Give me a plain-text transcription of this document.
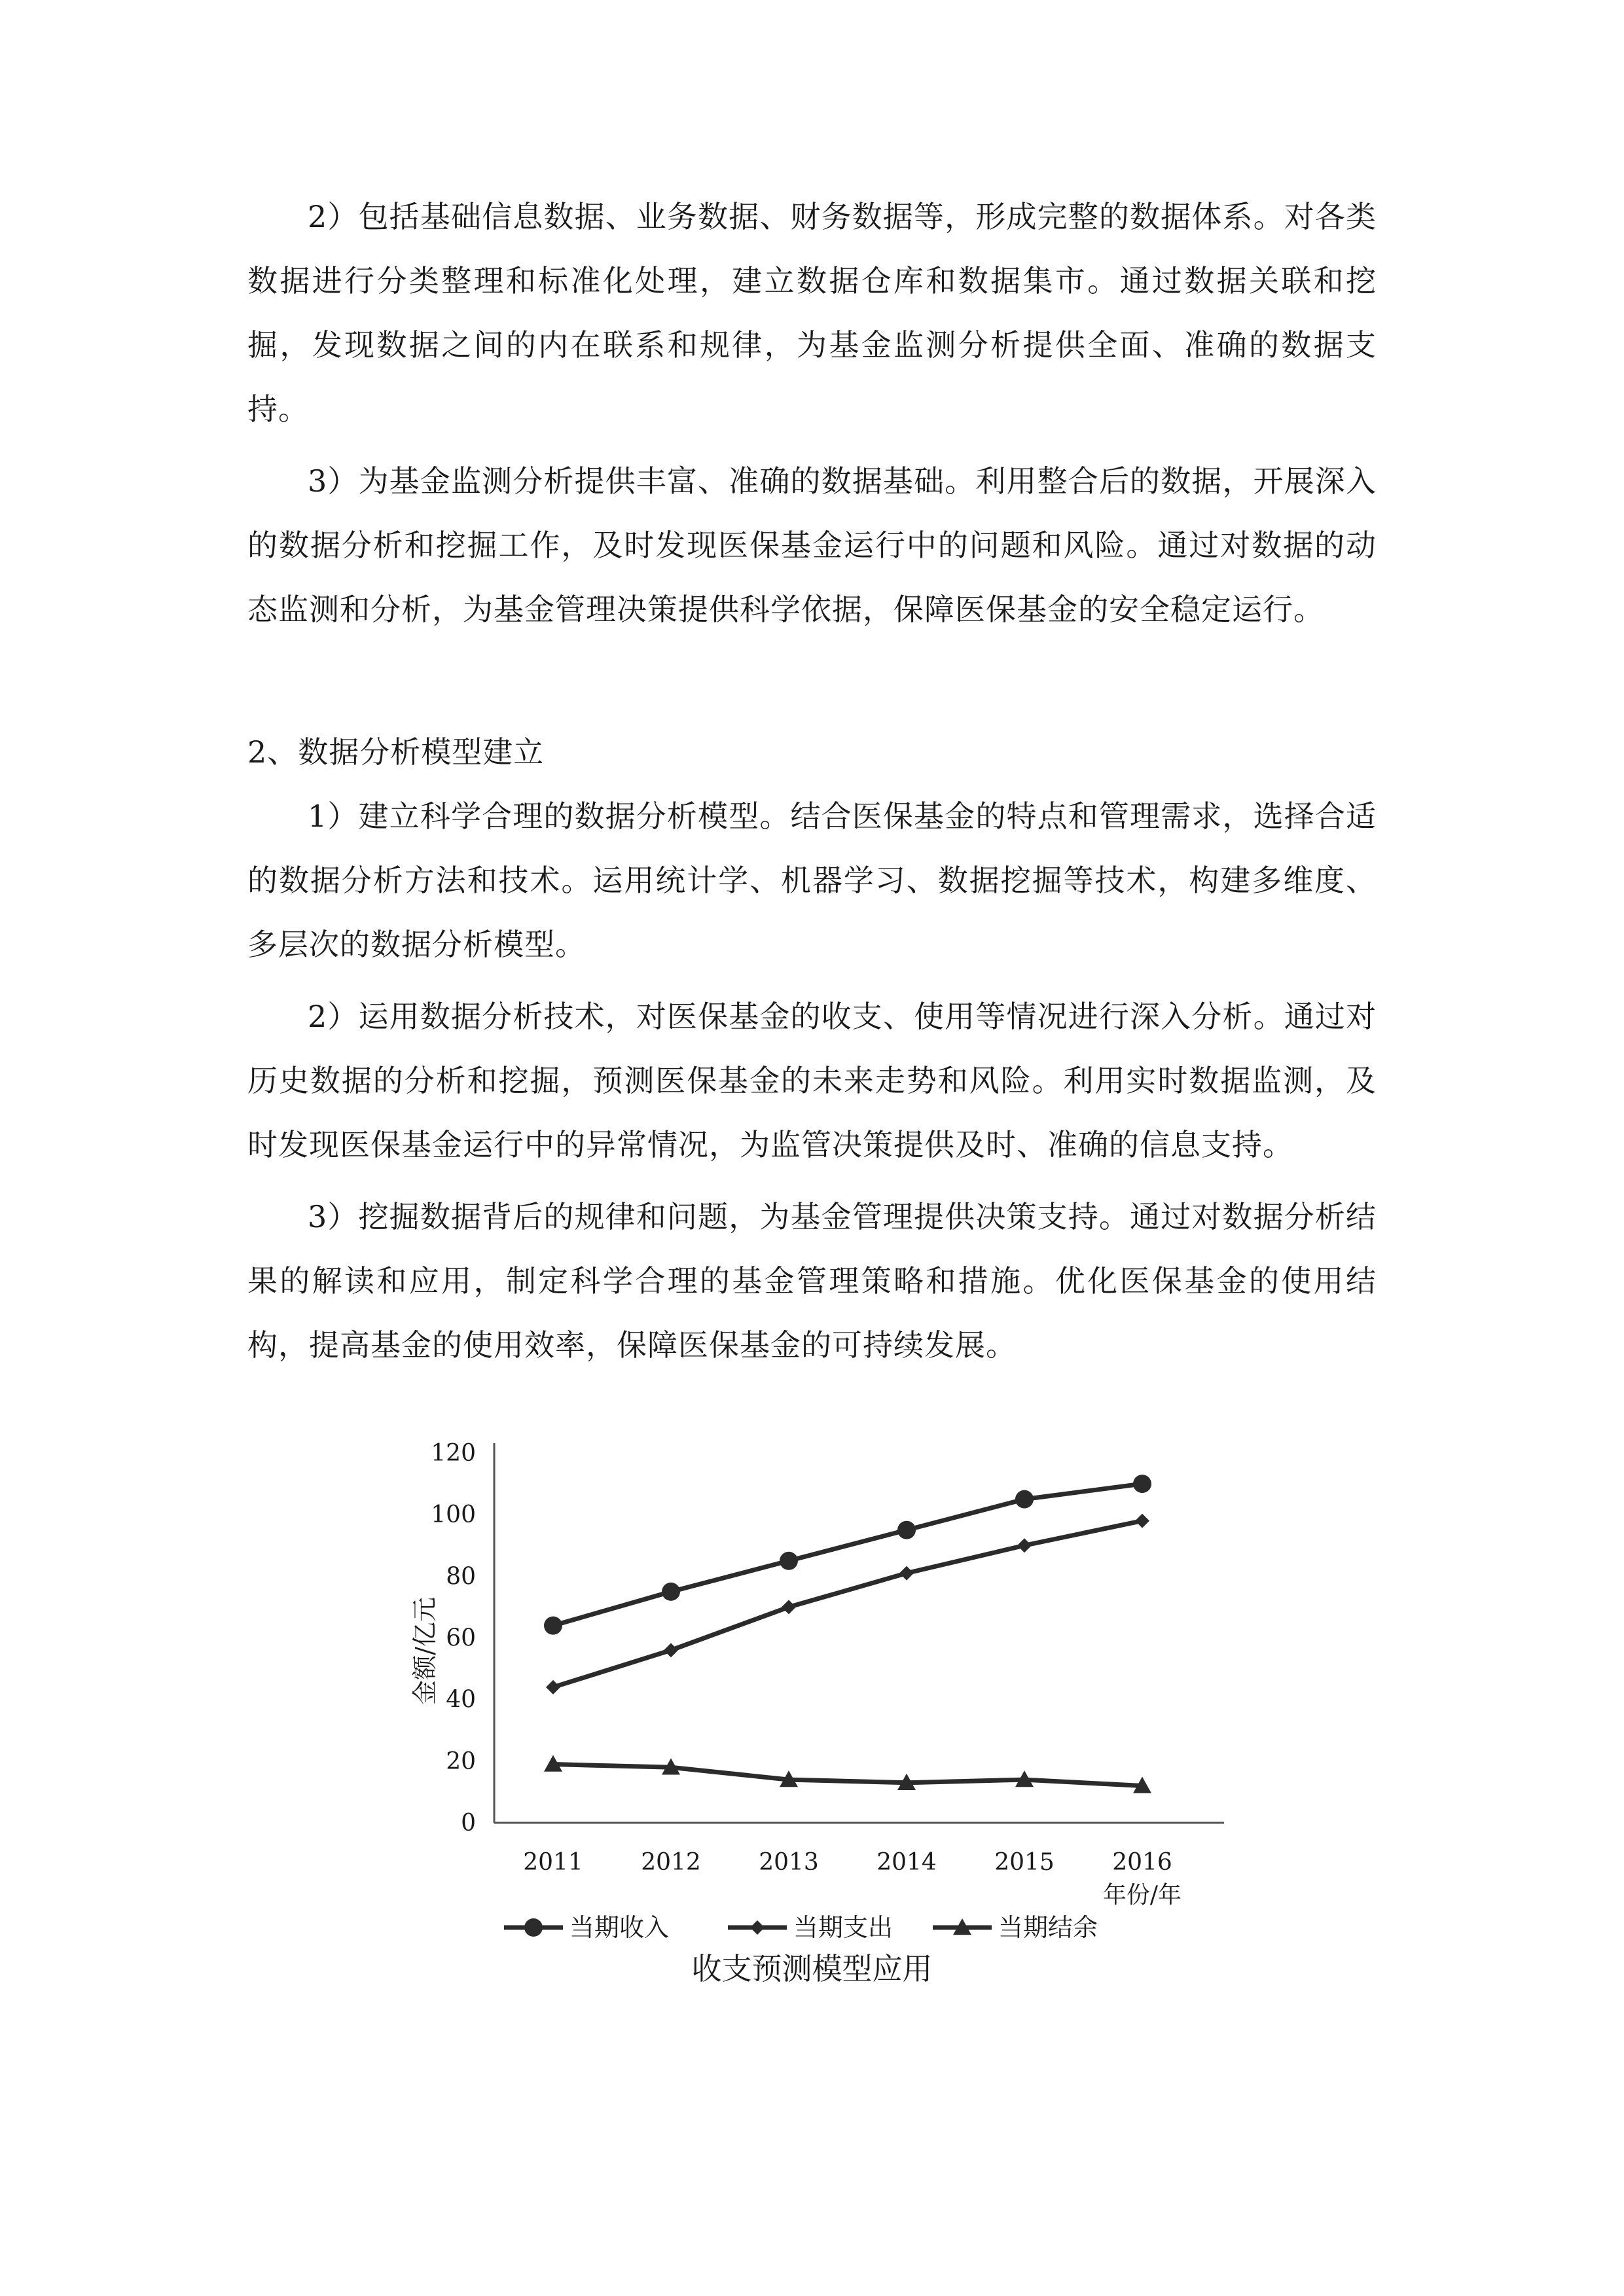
2）包括基础信息数据、业务数据、财务数据等，形成完整的数据体系。对各类数据进行分类整理和标准化处理，建立数据仓库和数据集市。通过数据关联和挖掘，发现数据之间的内在联系和规律，为基金监测分析提供全面、准确的数据支持。

3）为基金监测分析提供丰富、准确的数据基础。利用整合后的数据，开展深入的数据分析和挖掘工作，及时发现医保基金运行中的问题和风险。通过对数据的动态监测和分析，为基金管理决策提供科学依据，保障医保基金的安全稳定运行。

2、数据分析模型建立

1）建立科学合理的数据分析模型。结合医保基金的特点和管理需求，选择合适的数据分析方法和技术。运用统计学、机器学习、数据挖掘等技术，构建多维度、多层次的数据分析模型。

2）运用数据分析技术，对医保基金的收支、使用等情况进行深入分析。通过对历史数据的分析和挖掘，预测医保基金的未来走势和风险。利用实时数据监测，及时发现医保基金运行中的异常情况，为监管决策提供及时、准确的信息支持。

3）挖掘数据背后的规律和问题，为基金管理提供决策支持。通过对数据分析结果的解读和应用，制定科学合理的基金管理策略和措施。优化医保基金的使用结构，提高基金的使用效率，保障医保基金的可持续发展。

0
20
40
60
80
100
120
2011 2012 2013 2014 2015 2016
年份/年
金额/亿元
当期收入	当期支出	当期结余
收支预测模型应用
